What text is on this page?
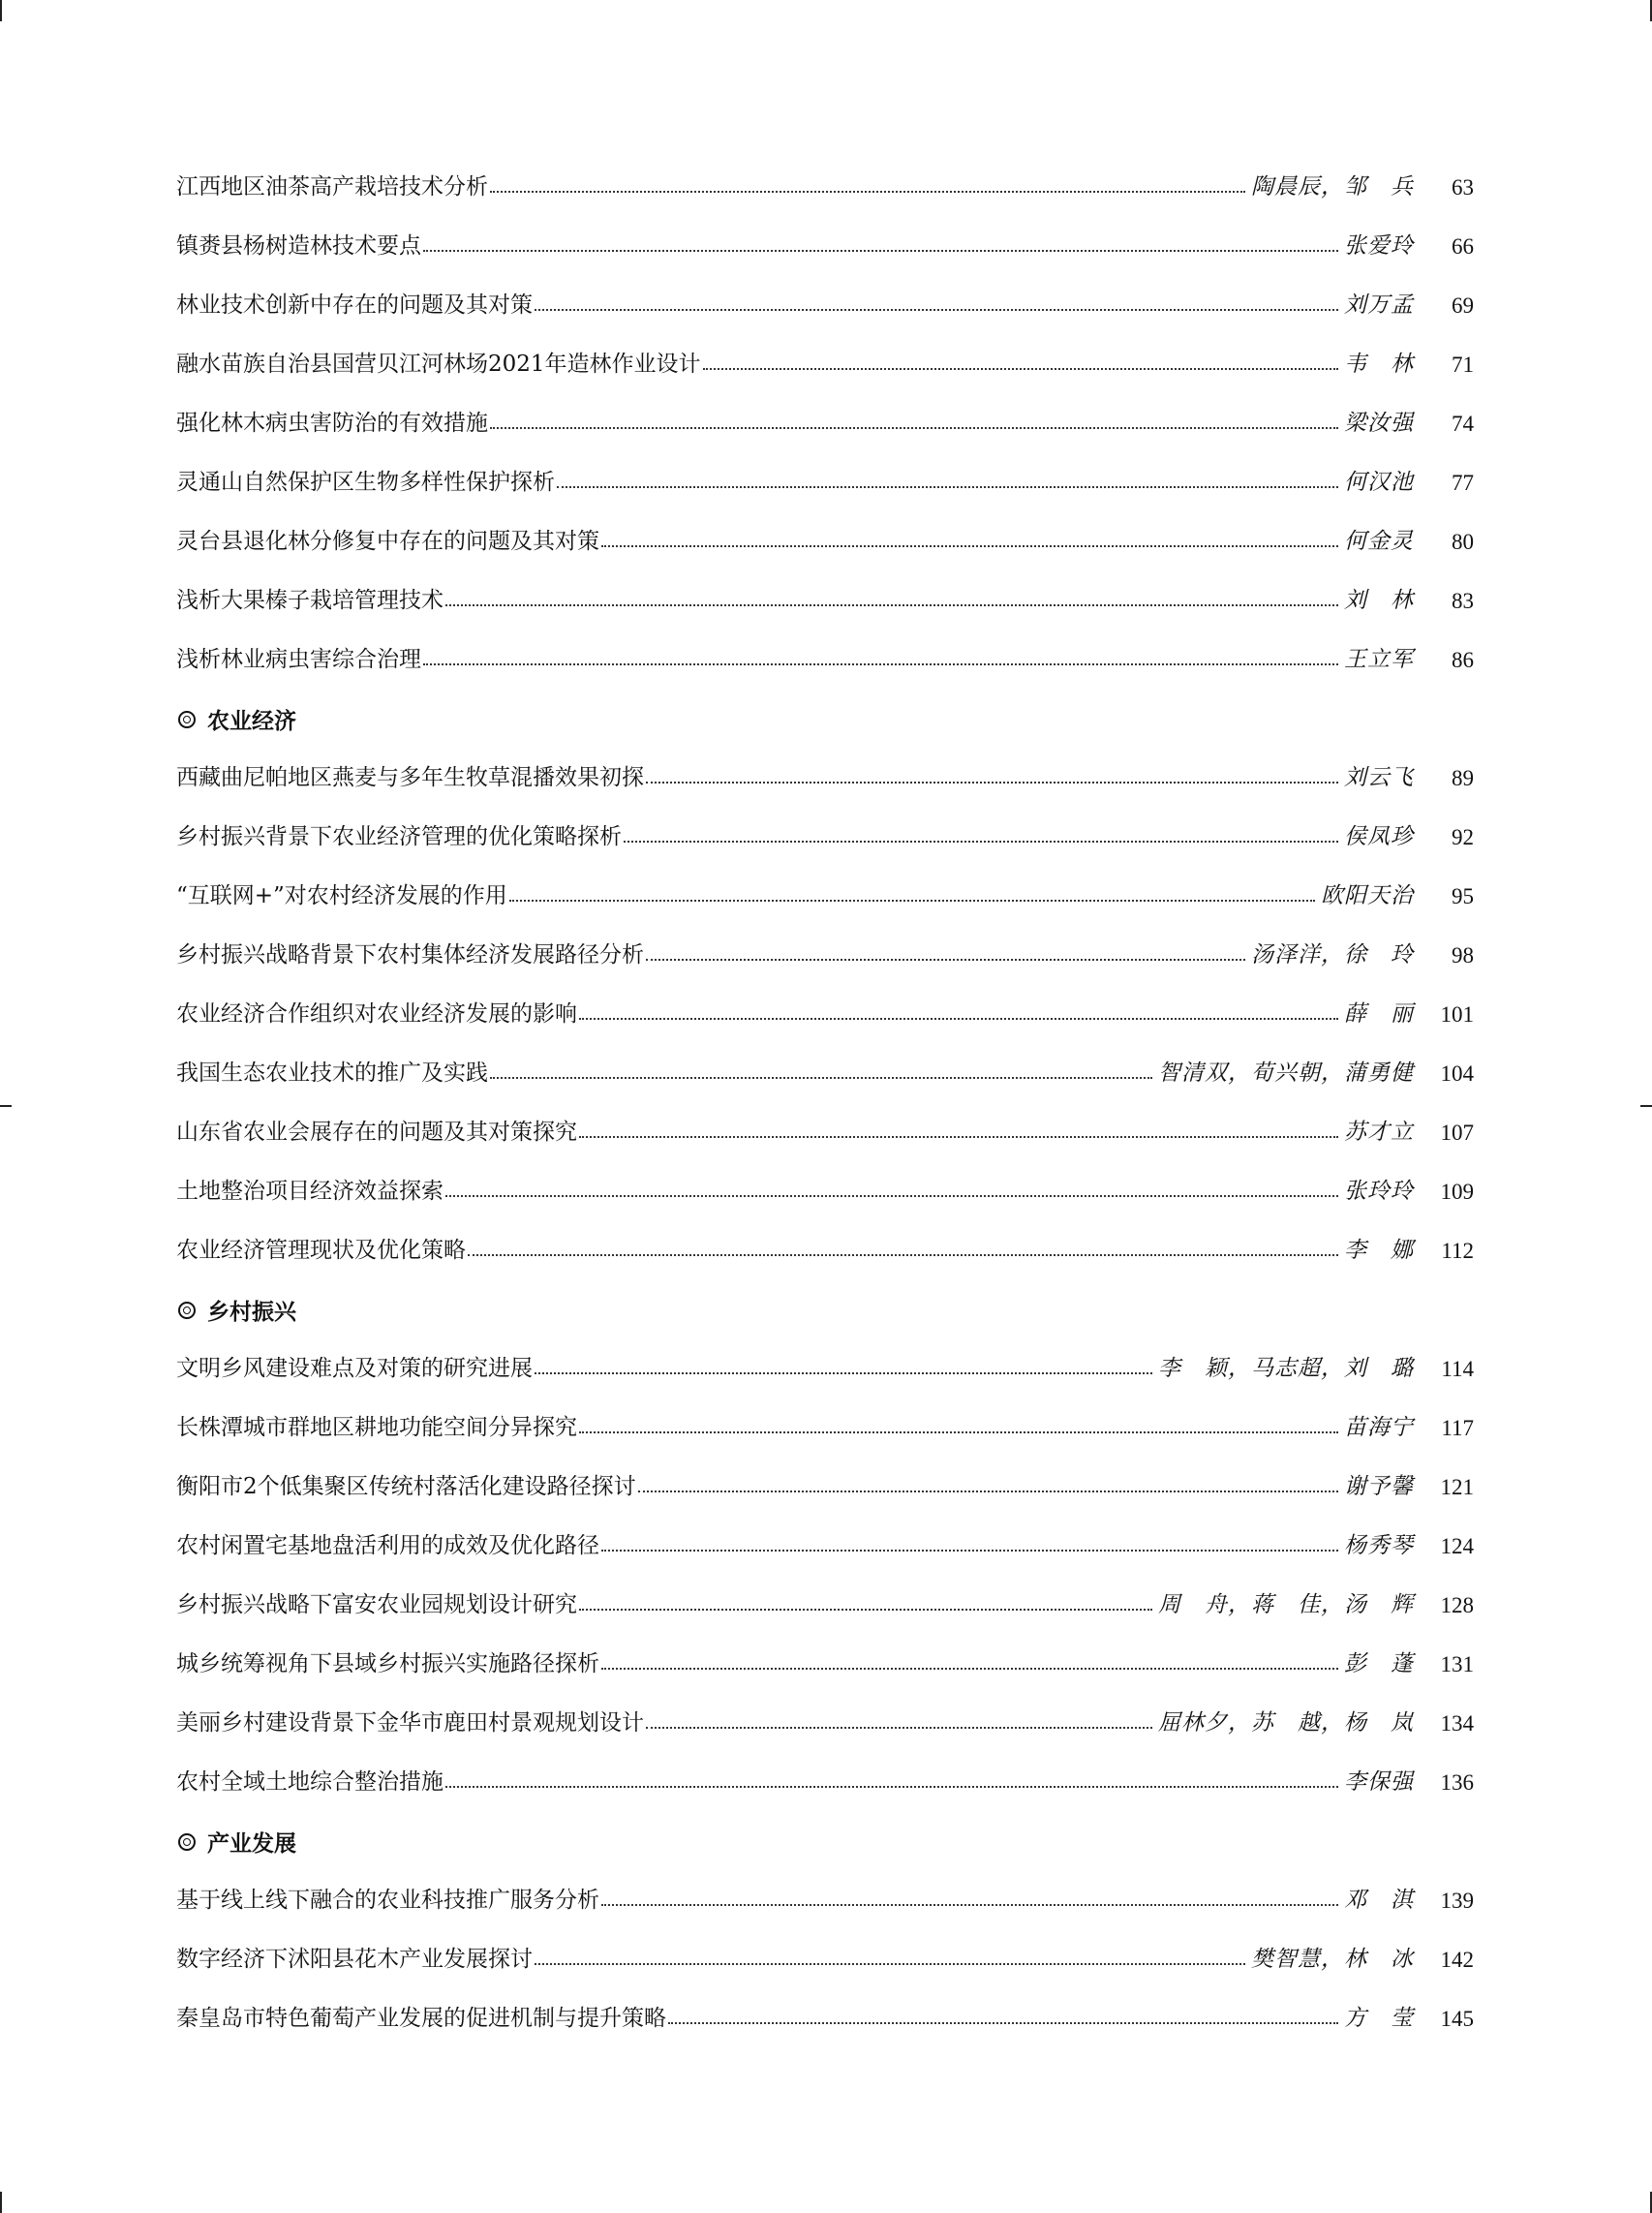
江西地区油茶高产栽培技术分析	陶晨辰，邹　兵	63
镇赉县杨树造林技术要点	张爱玲	66
林业技术创新中存在的问题及其对策	刘万孟	69
融水苗族自治县国营贝江河林场2021年造林作业设计	韦　林	71
强化林木病虫害防治的有效措施	梁汝强	74
灵通山自然保护区生物多样性保护探析	何汉池	77
灵台县退化林分修复中存在的问题及其对策	何金灵	80
浅析大果榛子栽培管理技术	刘　林	83
浅析林业病虫害综合治理	王立军	86
农业经济
西藏曲尼帕地区燕麦与多年生牧草混播效果初探	刘云飞	89
乡村振兴背景下农业经济管理的优化策略探析	侯凤珍	92
“互联网+”对农村经济发展的作用	欧阳天治	95
乡村振兴战略背景下农村集体经济发展路径分析	汤泽洋，徐　玲	98
农业经济合作组织对农业经济发展的影响	薛　丽	101
我国生态农业技术的推广及实践	智清双，荀兴朝，蒲勇健	104
山东省农业会展存在的问题及其对策探究	苏才立	107
土地整治项目经济效益探索	张玲玲	109
农业经济管理现状及优化策略	李　娜	112
乡村振兴
文明乡风建设难点及对策的研究进展	李　颖，马志超，刘　璐	114
长株潭城市群地区耕地功能空间分异探究	苗海宁	117
衡阳市2个低集聚区传统村落活化建设路径探讨	谢予馨	121
农村闲置宅基地盘活利用的成效及优化路径	杨秀琴	124
乡村振兴战略下富安农业园规划设计研究	周　舟，蒋　佳，汤　辉	128
城乡统筹视角下县域乡村振兴实施路径探析	彭　蓬	131
美丽乡村建设背景下金华市鹿田村景观规划设计	屈林夕，苏　越，杨　岚	134
农村全域土地综合整治措施	李保强	136
产业发展
基于线上线下融合的农业科技推广服务分析	邓　淇	139
数字经济下沭阳县花木产业发展探讨	樊智慧，林　冰	142
秦皇岛市特色葡萄产业发展的促进机制与提升策略	方　莹	145
